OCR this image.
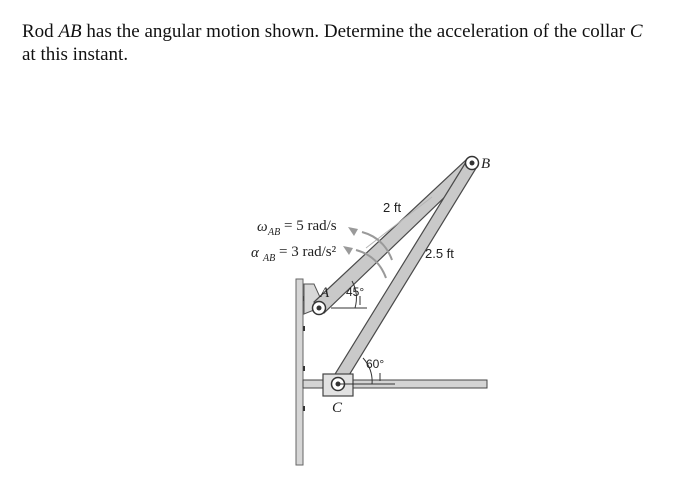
Rod AB has the angular motion shown. Determine the acceleration of the collar C
at this instant.
ω AB = 5 rad/s
α AB = 3 rad/s²
2 ft
2.5 ft
45°
60°
A
B
C
